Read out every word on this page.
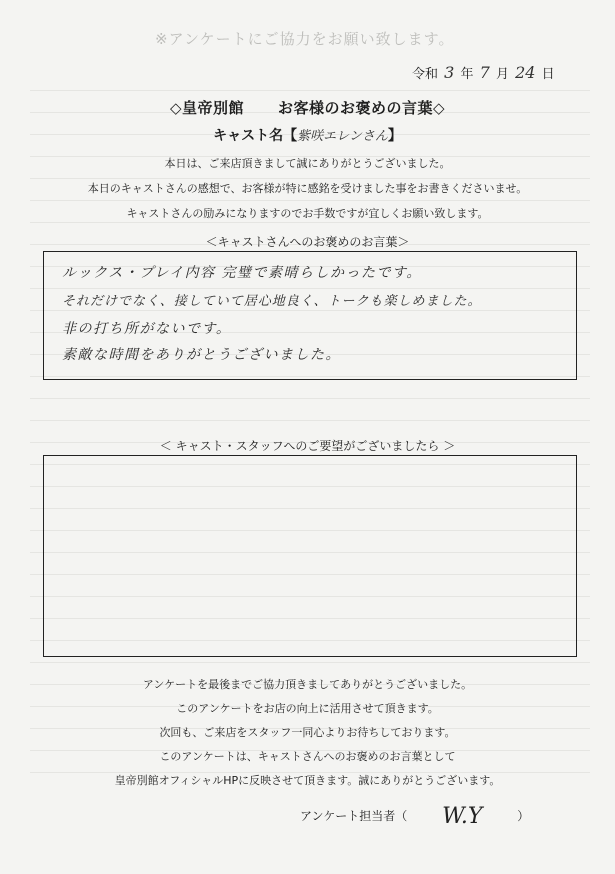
※アンケートにご協力をお願い致します。
令和 3 年 7 月 24 日
◇皇帝別館 お客様のお褒めの言葉◇
キャスト名【紫咲エレンさん】
本日は、ご来店頂きまして誠にありがとうございました。
本日のキャストさんの感想で、お客様が特に感銘を受けました事をお書きくださいませ。
キャストさんの励みになりますのでお手数ですが宜しくお願い致します。
＜キャストさんへのお褒めのお言葉＞
ルックス・プレイ内容 完璧で素晴らしかったです。
それだけでなく、接していて居心地良く、トークも楽しめました。
非の打ち所がないです。
素敵な時間をありがとうございました。
＜ キャスト・スタッフへのご要望がございましたら ＞
アンケートを最後までご協力頂きましてありがとうございました。
このアンケートをお店の向上に活用させて頂きます。
次回も、ご来店をスタッフ一同心よりお待ちしております。
このアンケートは、キャストさんへのお褒めのお言葉として
皇帝別館オフィシャルHPに反映させて頂きます。誠にありがとうございます。
アンケート担当者（ W.Y	）
